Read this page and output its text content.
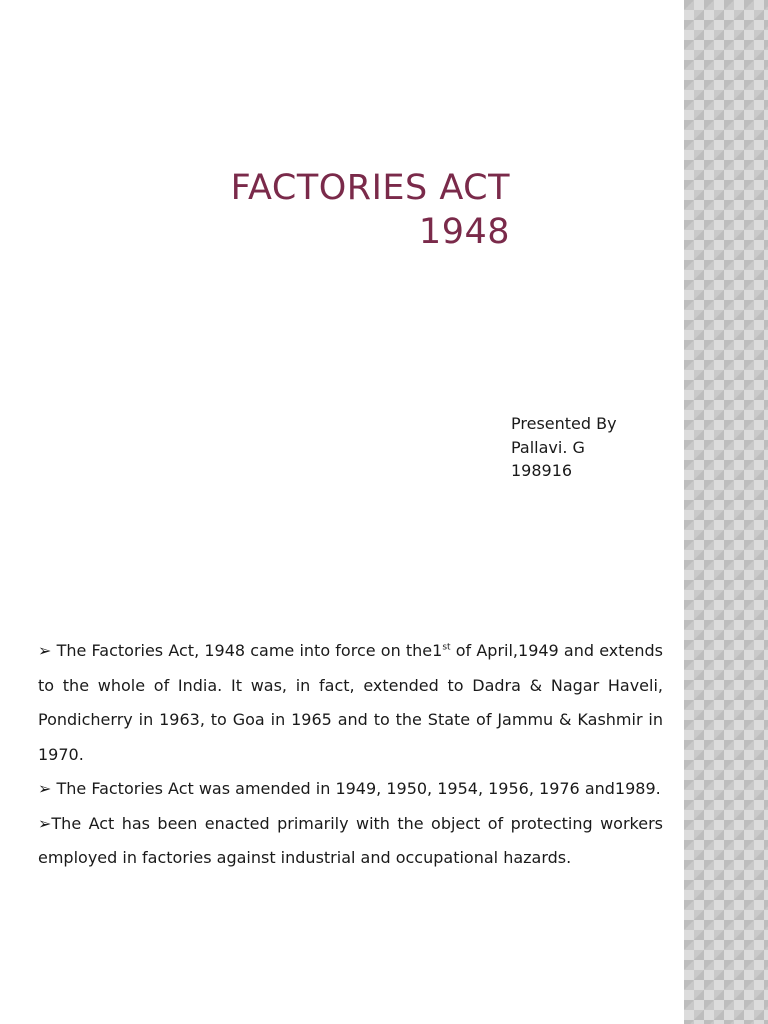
FACTORIES ACT
1948
Presented By
Pallavi. G
198916

➢ The Factories Act, 1948 came into force on the1st of April,1949 and extends to the whole of India. It was, in fact, extended to Dadra & Nagar Haveli, Pondicherry in 1963, to Goa in 1965 and to the State of Jammu & Kashmir in 1970.

➢ The Factories Act was amended in 1949, 1950, 1954, 1956, 1976 and1989.

➢The Act has been enacted primarily with the object of protecting workers employed in factories against industrial and occupational hazards.
